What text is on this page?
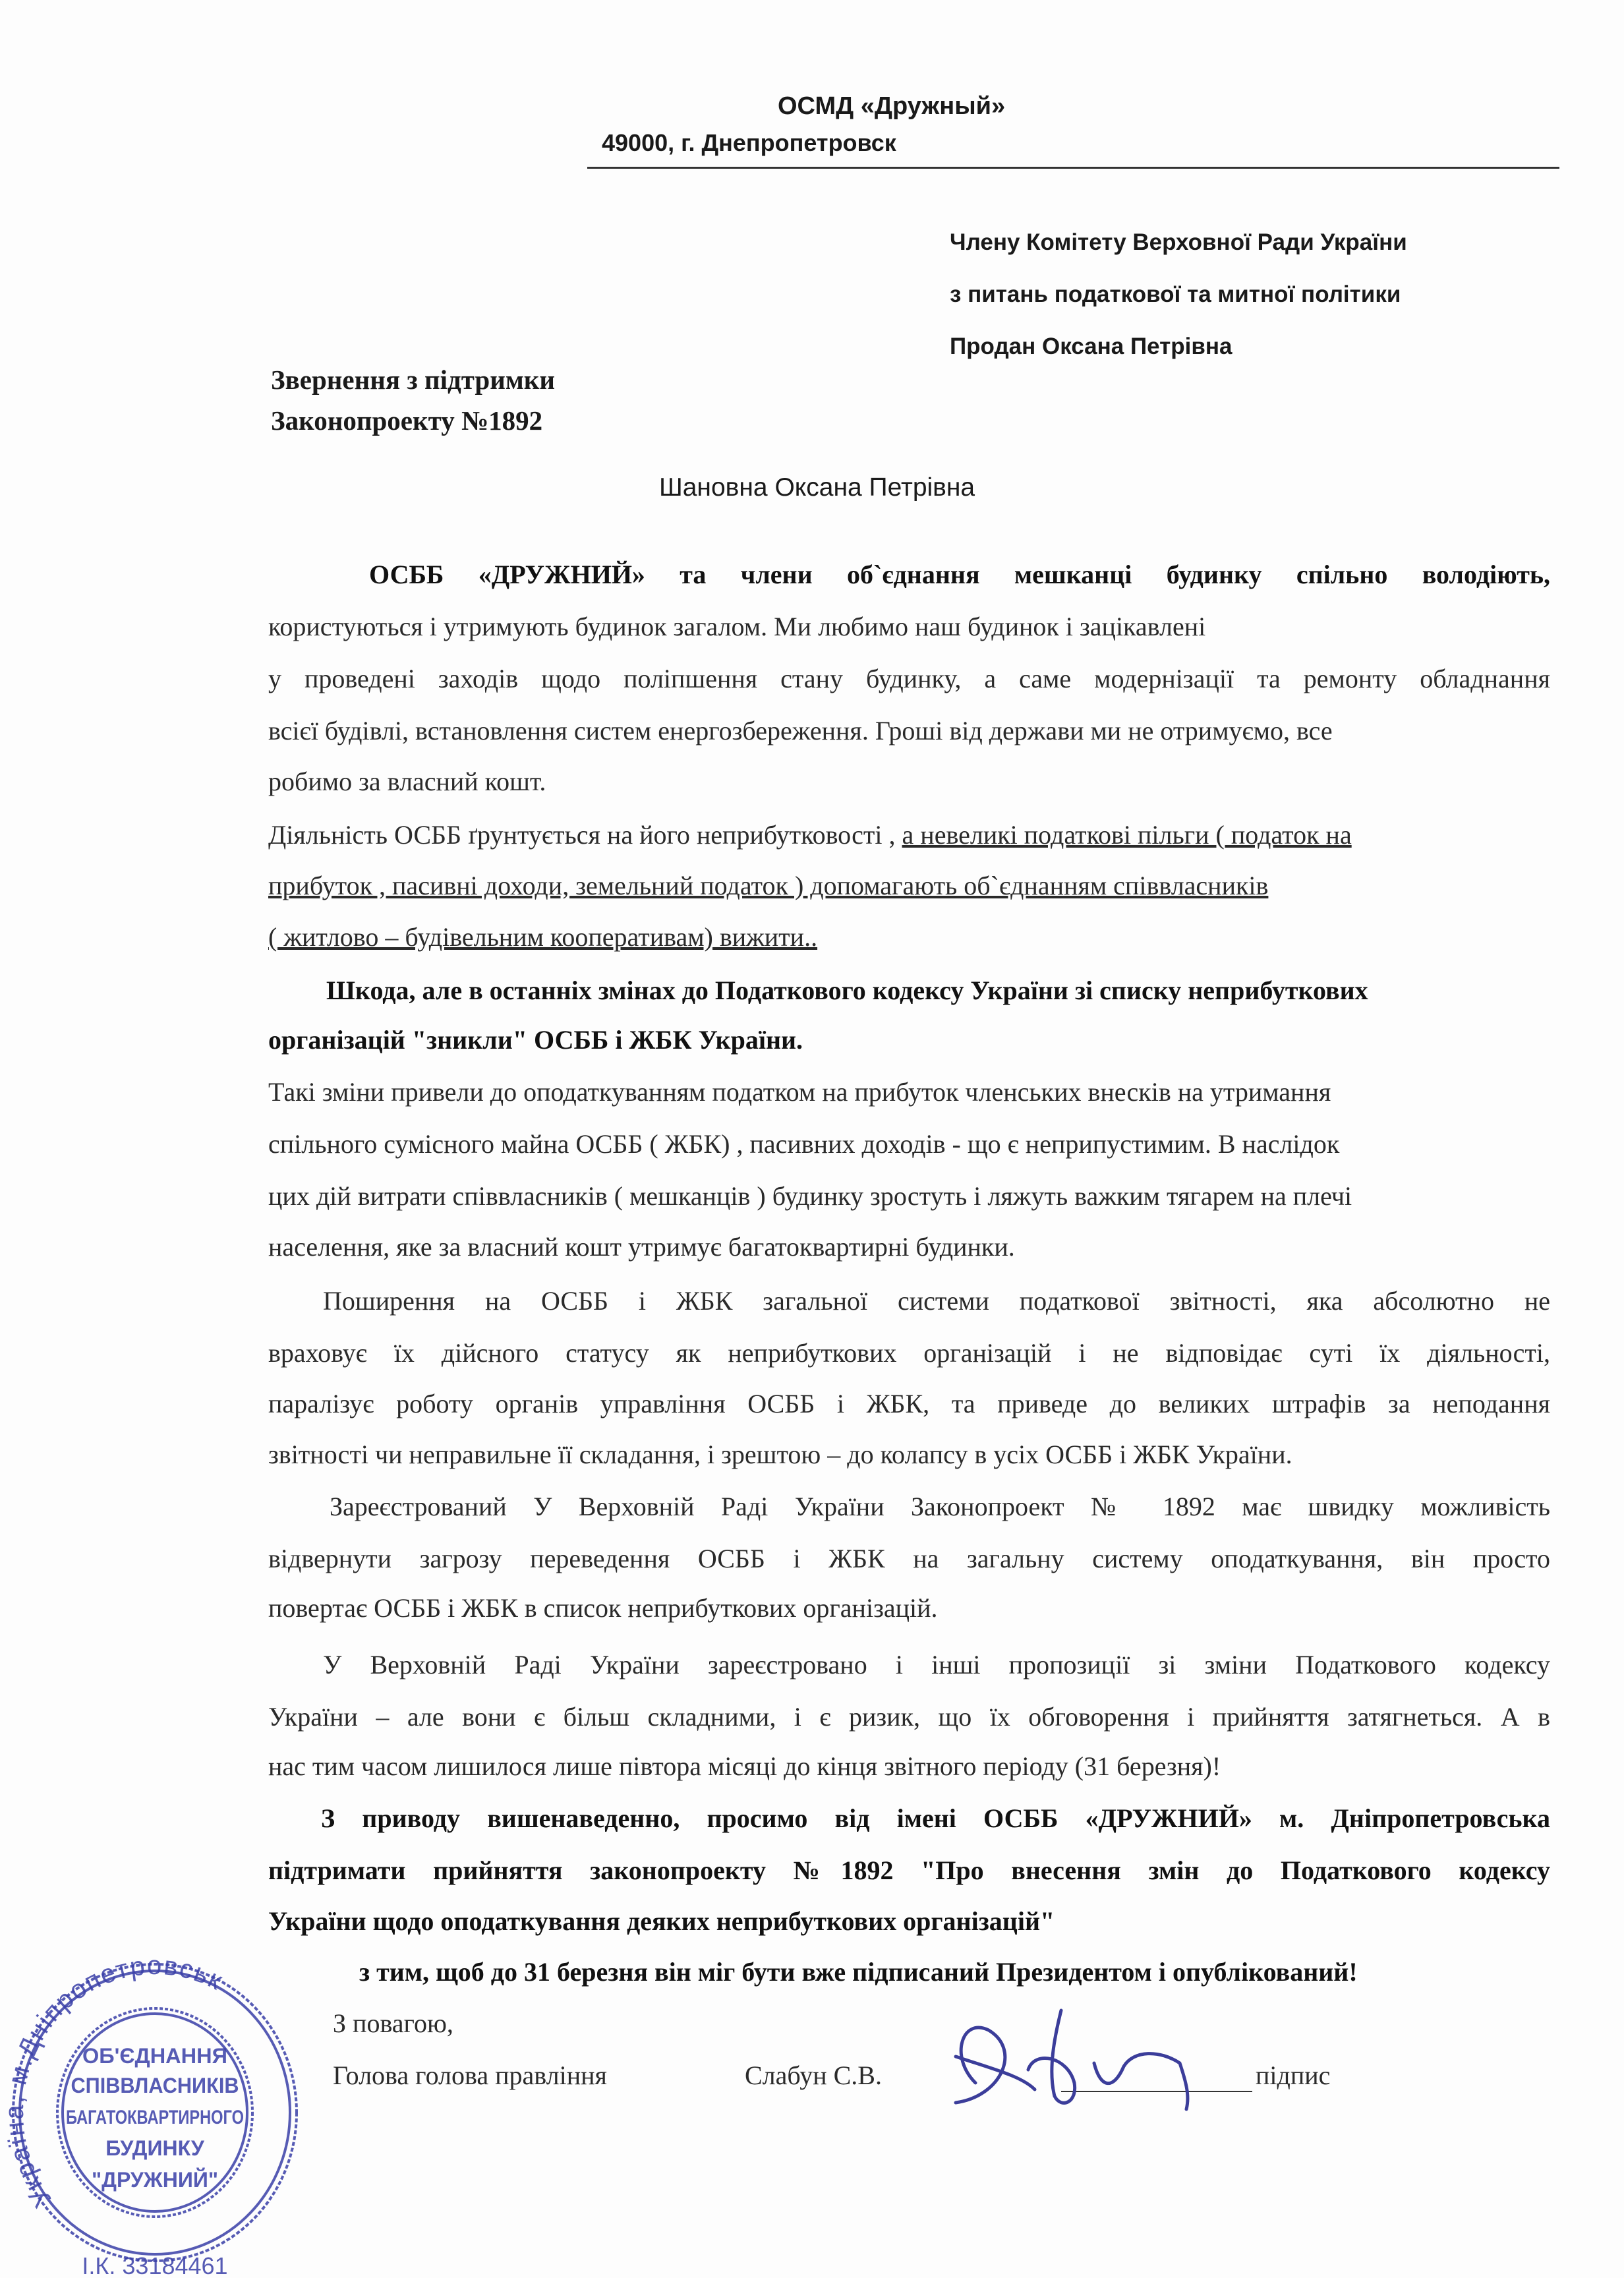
ОСМД «Дружный»
49000, г. Днепропетровск
Члену Комітету Верховної Ради України
з питань податкової та митної політики
Продан Оксана Петрівна
Звернення з підтримки
Законопроекту №1892
Шановна Оксана Петрівна
ОСББ «ДРУЖНИЙ» та члени об`єднання мешканці будинку спільно володіють,
користуються і утримують будинок загалом. Ми любимо наш будинок і зацікавлені
у проведені заходів щодо поліпшення стану будинку, а саме модернізації та ремонту обладнання
всієї будівлі, встановлення систем енергозбереження. Гроші від держави ми не отримуємо, все
робимо за власний кошт.
Діяльність ОСББ ґрунтується на його неприбутковості , а невеликі податкові пільги ( податок на
прибуток , пасивні доходи, земельний податок ) допомагають об`єднанням співвласників
( житлово – будівельним кооперативам) вижити..
Шкода, але в останніх змінах до Податкового кодексу України зі списку неприбуткових
організацій "зникли" ОСББ і ЖБК України.
Такі зміни привели до оподаткуванням податком на прибуток членських внесків на утримання
спільного сумісного майна ОСББ ( ЖБК) , пасивних доходів - що є неприпустимим. В наслідок
цих дій витрати співвласників ( мешканців ) будинку зростуть і ляжуть важким тягарем на плечі
населення, яке за власний кошт утримує багатоквартирні будинки.
Поширення на ОСББ і ЖБК загальної системи податкової звітності, яка абсолютно не
враховує їх дійсного статусу як неприбуткових організацій і не відповідає суті їх діяльності,
паралізує роботу органів управління ОСББ і ЖБК, та приведе до великих штрафів за неподання
звітності чи неправильне її складання, і зрештою – до колапсу в усіх ОСББ і ЖБК України.
Зареєстрований У Верховній Раді України Законопроект № 1892 має швидку можливість
відвернути загрозу переведення ОСББ і ЖБК на загальну систему оподаткування, він просто
повертає ОСББ і ЖБК в список неприбуткових організацій.
У Верховній Раді України зареєстровано і інші пропозиції зі зміни Податкового кодексу
України – але вони є більш складними, і є ризик, що їх обговорення і прийняття затягнеться. А в
нас тим часом лишилося лише півтора місяці до кінця звітного періоду (31 березня)!
З приводу вишенаведенно, просимо від імені ОСББ «ДРУЖНИЙ» м. Дніпропетровська
підтримати прийняття законопроекту №1892 "Про внесення змін до Податкового кодексу
України щодо оподаткування деяких неприбуткових організацій"
з тим, щоб до 31 березня він міг бути вже підписаний Президентом і опублікований!
З повагою,
Голова голова правління	Слабун С.В.	підпис
Україна, м.Дніпропетровськ
І.К. 33184461
ОБ'ЄДНАННЯ
СПІВВЛАСНИКІВ
БАГАТОКВАРТИРНОГО
БУДИНКУ
"ДРУЖНИЙ"
